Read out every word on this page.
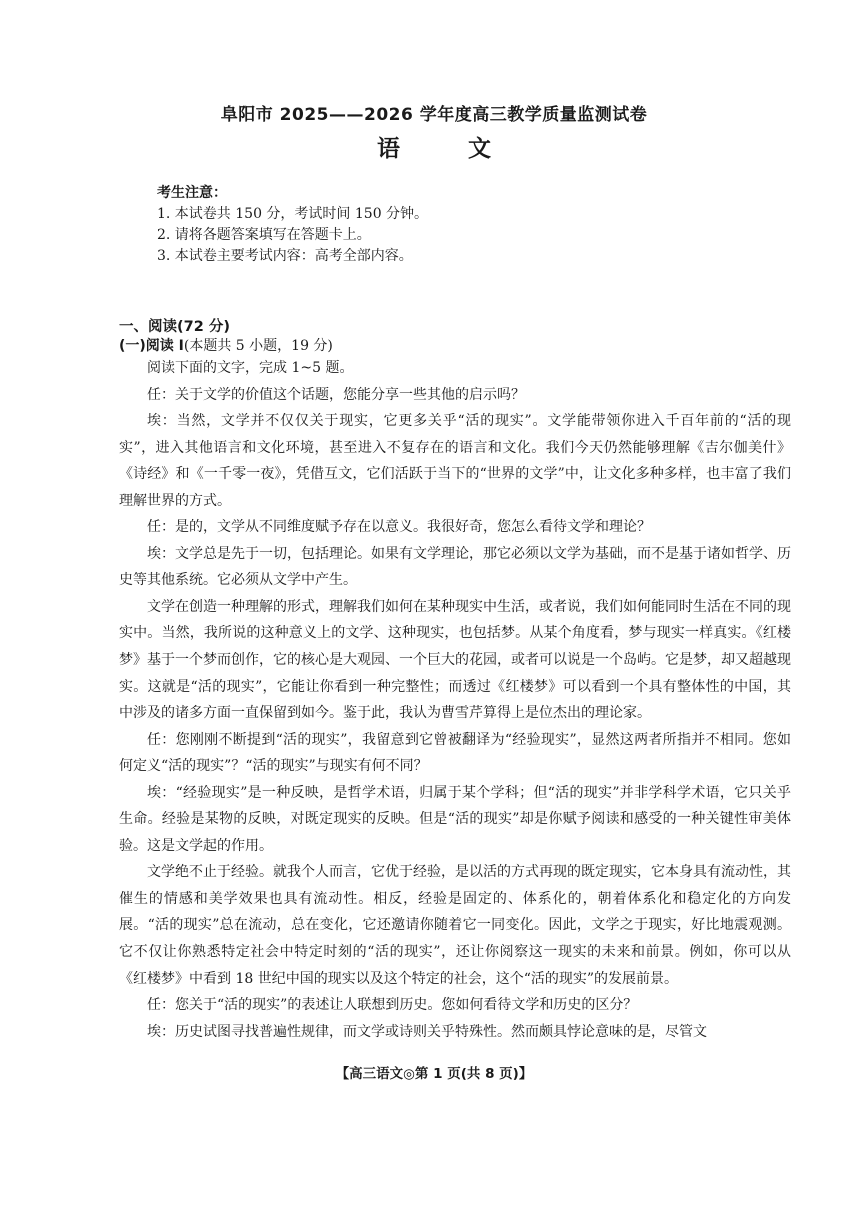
阜阳市 2025——2026 学年度高三教学质量监测试卷
语	文
考生注意：
1. 本试卷共 150 分，考试时间 150 分钟。
2. 请将各题答案填写在答题卡上。
3. 本试卷主要考试内容：高考全部内容。
一、阅读(72 分)
(一)阅读 I(本题共 5 小题，19 分)

阅读下面的文字，完成 1~5 题。

任：关于文学的价值这个话题，您能分享一些其他的启示吗？

埃：当然，文学并不仅仅关于现实，它更多关乎“活的现实”。文学能带领你进入千百年前的“活的现实”，进入其他语言和文化环境，甚至进入不复存在的语言和文化。我们今天仍然能够理解《吉尔伽美什》《诗经》和《一千零一夜》，凭借互文，它们活跃于当下的“世界的文学”中，让文化多种多样，也丰富了我们理解世界的方式。

任：是的，文学从不同维度赋予存在以意义。我很好奇，您怎么看待文学和理论？

埃：文学总是先于一切，包括理论。如果有文学理论，那它必须以文学为基础，而不是基于诸如哲学、历史等其他系统。它必须从文学中产生。

文学在创造一种理解的形式，理解我们如何在某种现实中生活，或者说，我们如何能同时生活在不同的现实中。当然，我所说的这种意义上的文学、这种现实，也包括梦。从某个角度看，梦与现实一样真实。《红楼梦》基于一个梦而创作，它的核心是大观园、一个巨大的花园，或者可以说是一个岛屿。它是梦，却又超越现实。这就是“活的现实”，它能让你看到一种完整性；而透过《红楼梦》可以看到一个具有整体性的中国，其中涉及的诸多方面一直保留到如今。鉴于此，我认为曹雪芹算得上是位杰出的理论家。

任：您刚刚不断提到“活的现实”，我留意到它曾被翻译为“经验现实”，显然这两者所指并不相同。您如何定义“活的现实”？“活的现实”与现实有何不同？

埃：“经验现实”是一种反映，是哲学术语，归属于某个学科；但“活的现实”并非学科学术语，它只关乎生命。经验是某物的反映，对既定现实的反映。但是“活的现实”却是你赋予阅读和感受的一种关键性审美体验。这是文学起的作用。

文学绝不止于经验。就我个人而言，它优于经验，是以活的方式再现的既定现实，它本身具有流动性，其催生的情感和美学效果也具有流动性。相反，经验是固定的、体系化的，朝着体系化和稳定化的方向发展。“活的现实”总在流动，总在变化，它还邀请你随着它一同变化。因此，文学之于现实，好比地震观测。它不仅让你熟悉特定社会中特定时刻的“活的现实”，还让你阅察这一现实的未来和前景。例如，你可以从《红楼梦》中看到 18 世纪中国的现实以及这个特定的社会，这个“活的现实”的发展前景。

任：您关于“活的现实”的表述让人联想到历史。您如何看待文学和历史的区分？

埃：历史试图寻找普遍性规律，而文学或诗则关乎特殊性。然而颇具悖论意味的是，尽管文

【高三语文◎第 1 页(共 8 页)】
